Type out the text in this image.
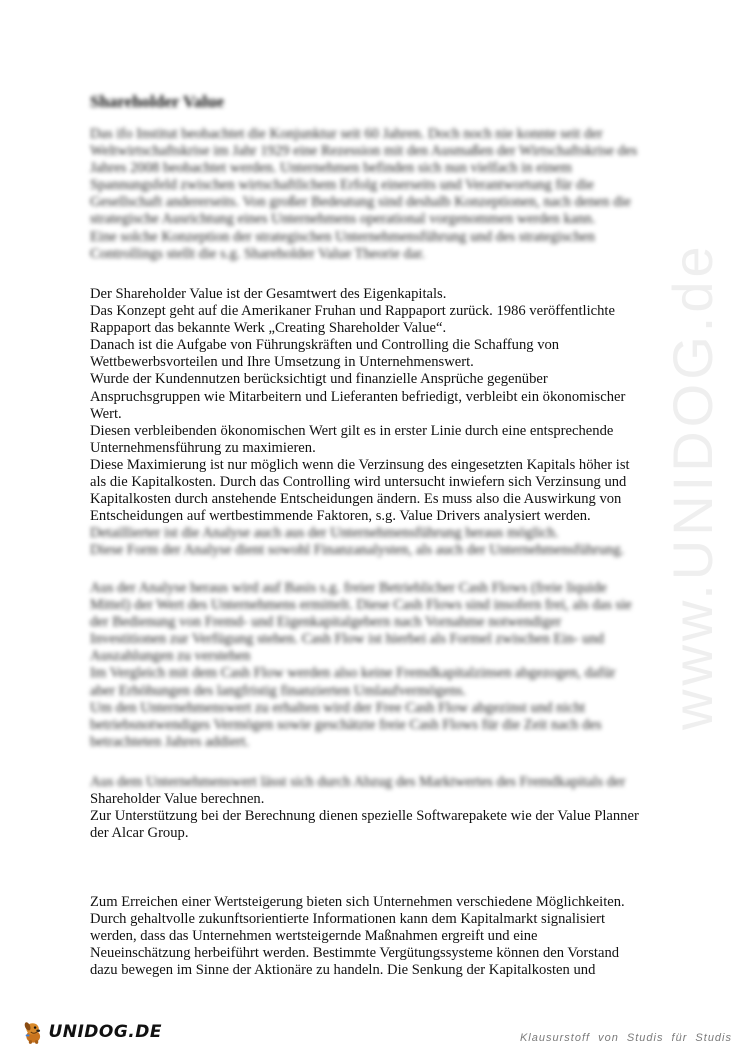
www.UNIDOG.de
Shareholder Value
Das ifo Institut beobachtet die Konjunktur seit 60 Jahren. Doch noch nie konnte seit der
Weltwirtschaftskrise im Jahr 1929 eine Rezession mit den Ausmaßen der Wirtschaftskrise des
Jahres 2008 beobachtet werden. Unternehmen befinden sich nun vielfach in einem
Spannungsfeld zwischen wirtschaftlichem Erfolg einerseits und Verantwortung für die
Gesellschaft andererseits. Von großer Bedeutung sind deshalb Konzeptionen, nach denen die
strategische Ausrichtung eines Unternehmens operational vorgenommen werden kann.
Eine solche Konzeption der strategischen Unternehmensführung und des strategischen
Controllings stellt die s.g. Shareholder Value Theorie dar.
Der Shareholder Value ist der Gesamtwert des Eigenkapitals.
Das Konzept geht auf die Amerikaner Fruhan und Rappaport zurück. 1986 veröffentlichte
Rappaport das bekannte Werk „Creating Shareholder Value“.
Danach ist die Aufgabe von Führungskräften und Controlling die Schaffung von
Wettbewerbsvorteilen und Ihre Umsetzung in Unternehmenswert.
Wurde der Kundennutzen berücksichtigt und finanzielle Ansprüche gegenüber
Anspruchsgruppen wie Mitarbeitern und Lieferanten befriedigt, verbleibt ein ökonomischer
Wert.
Diesen verbleibenden ökonomischen Wert gilt es in erster Linie durch eine entsprechende
Unternehmensführung zu maximieren.
Diese Maximierung ist nur möglich wenn die Verzinsung des eingesetzten Kapitals höher ist
als die Kapitalkosten. Durch das Controlling wird untersucht inwiefern sich Verzinsung und
Kapitalkosten durch anstehende Entscheidungen ändern. Es muss also die Auswirkung von
Entscheidungen auf wertbestimmende Faktoren, s.g. Value Drivers analysiert werden.
Detaillierter ist die Analyse auch aus der Unternehmensführung heraus möglich.
Diese Form der Analyse dient sowohl Finanzanalysten, als auch der Unternehmensführung.
Aus der Analyse heraus wird auf Basis s.g. freier Betrieblicher Cash Flows (freie liquide
Mittel) der Wert des Unternehmens ermittelt. Diese Cash Flows sind insofern frei, als das sie
der Bedienung von Fremd- und Eigenkapitalgebern nach Vornahme notwendiger
Investitionen zur Verfügung stehen. Cash Flow ist hierbei als Formel zwischen Ein- und
Auszahlungen zu verstehen
Im Vergleich mit dem Cash Flow werden also keine Fremdkapitalzinsen abgezogen, dafür
aber Erhöhungen des langfristig finanzierten Umlaufvermögens.
Um den Unternehmenswert zu erhalten wird der Free Cash Flow abgezinst und nicht
betriebsnotwendiges Vermögen sowie geschätzte freie Cash Flows für die Zeit nach des
betrachteten Jahres addiert.
Aus dem Unternehmenswert lässt sich durch Abzug des Marktwertes des Fremdkapitals der
Shareholder Value berechnen.
Zur Unterstützung bei der Berechnung dienen spezielle Softwarepakete wie der Value Planner
der Alcar Group.
Zum Erreichen einer Wertsteigerung bieten sich Unternehmen verschiedene Möglichkeiten.
Durch gehaltvolle zukunftsorientierte Informationen kann dem Kapitalmarkt signalisiert
werden, dass das Unternehmen wertsteigernde Maßnahmen ergreift und eine
Neueinschätzung herbeiführt werden. Bestimmte Vergütungssysteme können den Vorstand
dazu bewegen im Sinne der Aktionäre zu handeln. Die Senkung der Kapitalkosten und
UNIDOG.DE	Klausurstoff von Studis für Studis
